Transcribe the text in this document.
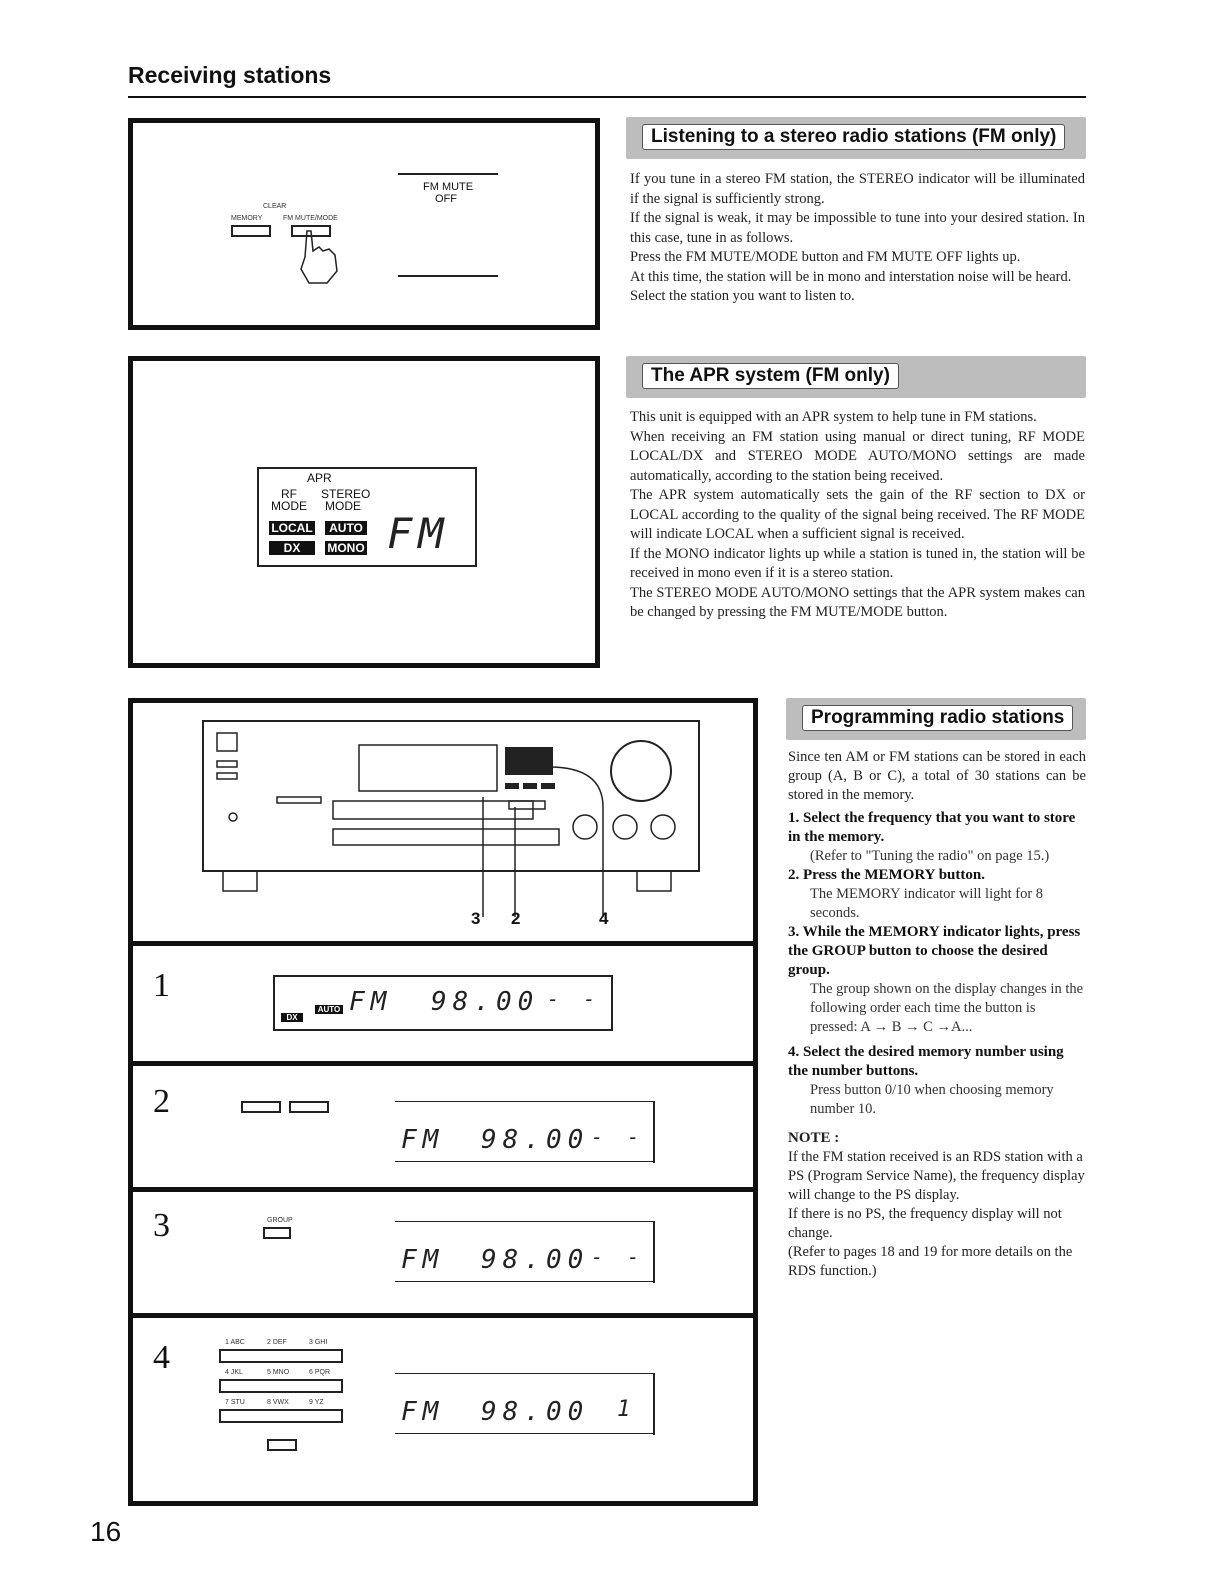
Receiving stations
CLEAR
MEMORY	FM MUTE/MODE
FM MUTE
OFF
Listening to a stereo radio stations (FM only)

If you tune in a stereo FM station, the STEREO indicator will be illuminated if the signal is sufficiently strong.

If the signal is weak, it may be impossible to tune into your desired station. In this case, tune in as follows.

Press the FM MUTE/MODE button and FM MUTE OFF lights up.

At this time, the station will be in mono and interstation noise will be heard.

Select the station you want to listen to.

APR
RF
MODE
STEREO
MODE
LOCAL	AUTO
DX	MONO FM
The APR system (FM only)

This unit is equipped with an APR system to help tune in FM stations.

When receiving an FM station using manual or direct tuning, RF MODE LOCAL/DX and STEREO MODE AUTO/MONO settings are made automatically, according to the station being received.

The APR system automatically sets the gain of the RF section to DX or LOCAL according to the quality of the signal being received. The RF MODE will indicate LOCAL when a sufficient signal is received.

If the MONO indicator lights up while a station is tuned in, the station will be received in mono even if it is a stereo station.

The STEREO MODE AUTO/MONO settings that the APR system makes can be changed by pressing the FM MUTE/MODE button.

3 2	4
1
DX
AUTO FM 98.00 - -
2
FM 98.00 - -
3	GROUP
FM 98.00 - -
4	1 ABC	2 DEF	3 GHI
4 JKL	5 MNO	6 PQR
7 STU	8 VWX	9 YZ	FM 98.00 1
Programming radio stations

Since ten AM or FM stations can be stored in each group (A, B or C), a total of 30 stations can be stored in the memory.

1. Select the frequency that you want to store in the memory.
(Refer to "Tuning the radio" on page 15.)
2. Press the MEMORY button.
The MEMORY indicator will light for 8 seconds.
3. While the MEMORY indicator lights, press the GROUP button to choose the desired group.
The group shown on the display changes in the following order each time the button is pressed: A → B → C →A...
4. Select the desired memory number using the number buttons.
Press button 0/10 when choosing memory number 10.
NOTE :

If the FM station received is an RDS station with a PS (Program Service Name), the frequency display will change to the PS display.

If there is no PS, the frequency display will not change.

(Refer to pages 18 and 19 for more details on the RDS function.)

16
